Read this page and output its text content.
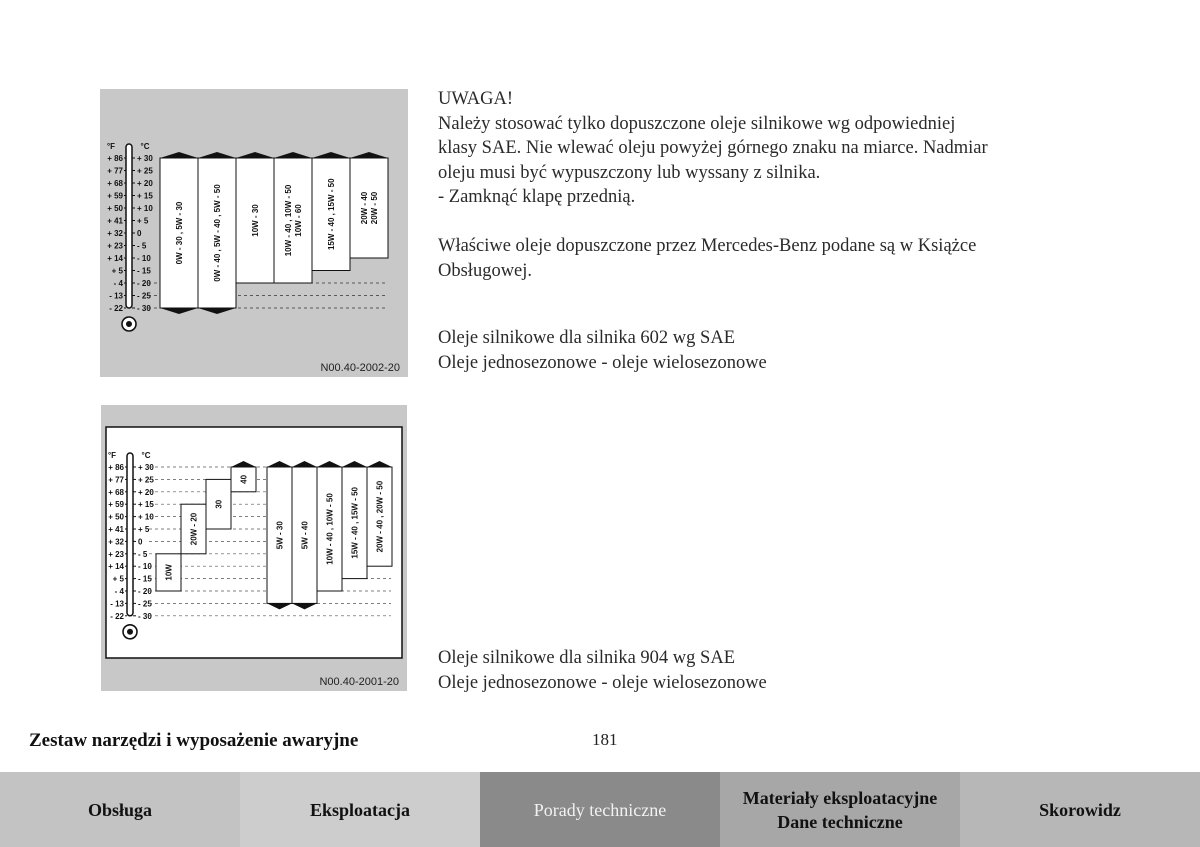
°F	°C
+ 86
+ 77
+ 68
+ 59
+ 50
+ 41
+ 32
+ 23
+ 14
+ 5
- 4
- 13
- 22
+ 30
+ 25
+ 20
+ 15
+ 10
+ 5
0
- 5
- 10
- 15
- 20
- 25
- 30
0W - 30 , 5W - 30	0W - 40 , 5W - 40 , 5W - 50	10W - 30	10W - 40 , 10W - 50 10W - 60	15W - 40 , 15W - 50	20W - 40 20W - 50
N00.40-2002-20
°F	°C
+ 86
+ 77
+ 68
+ 59
+ 50
+ 41
+ 32
+ 23
+ 14
+ 5
- 4
- 13
- 22
+ 30
+ 25
+ 20
+ 15
+ 10
+ 5
0
- 5
- 10
- 15
- 20
- 25
- 30
10W
20W - 20
30
40
5W - 30 5W - 40 10W - 40 , 10W - 50 15W - 40 , 15W - 50 20W - 40 , 20W - 50
N00.40-2001-20
UWAGA!
Należy stosować tylko dopuszczone oleje silnikowe wg odpowiedniej
klasy SAE. Nie wlewać oleju powyżej górnego znaku na miarce. Nadmiar
oleju musi być wypuszczony lub wyssany z silnika.
- Zamknąć klapę przednią.
Właściwe oleje dopuszczone przez Mercedes-Benz podane są w Książce
Obsługowej.
Oleje silnikowe dla silnika 602 wg SAE
Oleje jednosezonowe - oleje wielosezonowe
Oleje silnikowe dla silnika 904 wg SAE
Oleje jednosezonowe - oleje wielosezonowe
Zestaw narzędzi i wyposażenie awaryjne	181
Obsługa	Eksploatacja	Porady techniczne
Materiały eksploatacyjne
Dane techniczne
Skorowidz
